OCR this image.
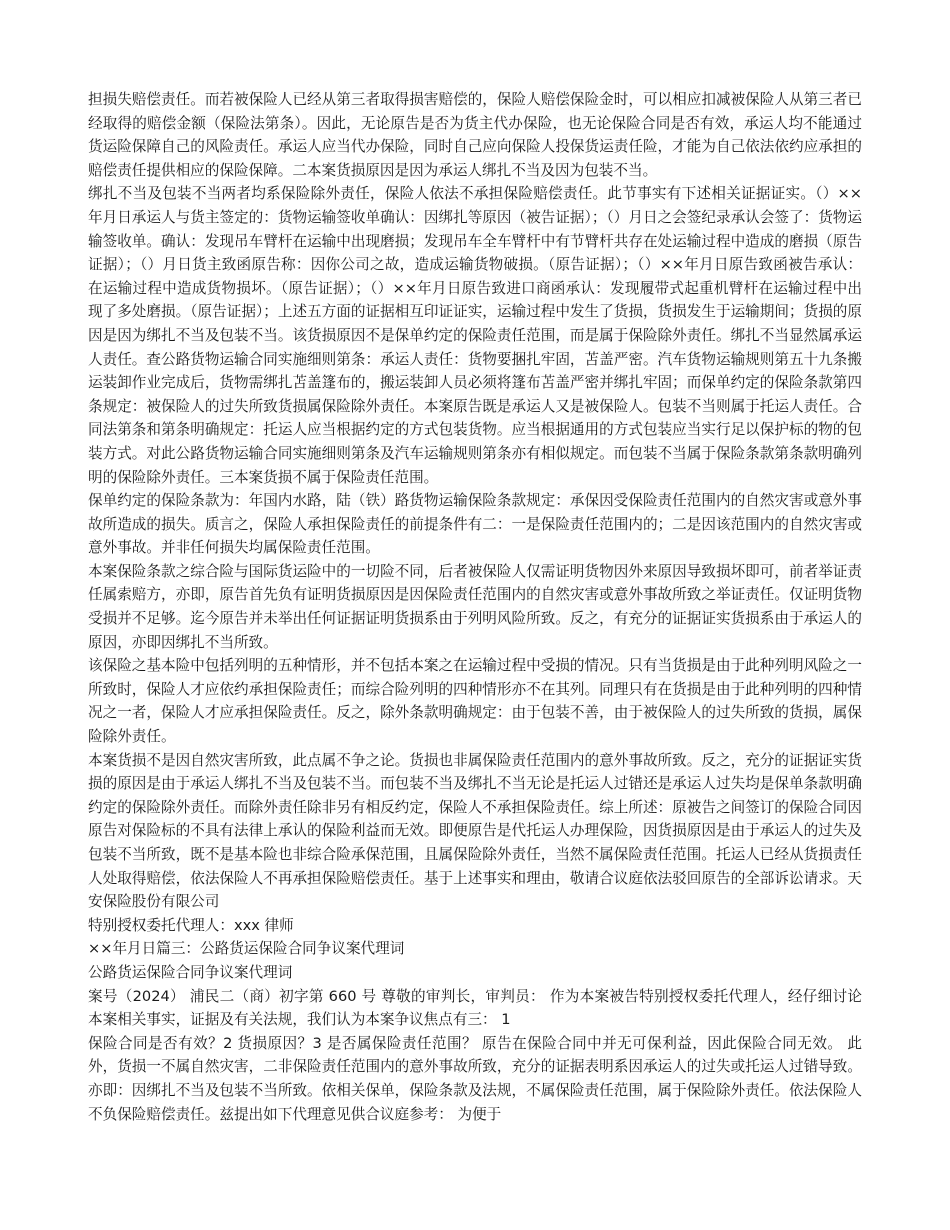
担损失赔偿责任。而若被保险人已经从第三者取得损害赔偿的，保险人赔偿保险金时，可以相应扣减被保险人从第三者已经取得的赔偿金额（保险法第条）。因此，无论原告是否为货主代办保险，也无论保险合同是否有效，承运人均不能通过货运险保障自己的风险责任。承运人应当代办保险，同时自己应向保险人投保货运责任险，才能为自己依法依约应承担的赔偿责任提供相应的保险保障。二本案货损原因是因为承运人绑扎不当及因为包装不当。

绑扎不当及包装不当两者均系保险除外责任，保险人依法不承担保险赔偿责任。此节事实有下述相关证据证实。（）××年月日承运人与货主签定的：货物运输签收单确认：因绑扎等原因（被告证据）；（）月日之会签纪录承认会签了：货物运输签收单。确认：发现吊车臂杆在运输中出现磨损；发现吊车全车臂杆中有节臂杆共存在处运输过程中造成的磨损（原告证据）；（）月日货主致函原告称：因你公司之故，造成运输货物破损。（原告证据）；（）××年月日原告致函被告承认：在运输过程中造成货物损坏。（原告证据）；（）××年月日原告致进口商函承认：发现履带式起重机臂杆在运输过程中出现了多处磨损。（原告证据）；上述五方面的证据相互印证证实，运输过程中发生了货损，货损发生于运输期间；货损的原因是因为绑扎不当及包装不当。该货损原因不是保单约定的保险责任范围，而是属于保险除外责任。绑扎不当显然属承运人责任。查公路货物运输合同实施细则第条：承运人责任：货物要捆扎牢固，苫盖严密。汽车货物运输规则第五十九条搬运装卸作业完成后，货物需绑扎苫盖篷布的，搬运装卸人员必须将篷布苫盖严密并绑扎牢固；而保单约定的保险条款第四条规定：被保险人的过失所致货损属保险除外责任。本案原告既是承运人又是被保险人。包装不当则属于托运人责任。合同法第条和第条明确规定：托运人应当根据约定的方式包装货物。应当根据通用的方式包装应当实行足以保护标的物的包装方式。对此公路货物运输合同实施细则第条及汽车运输规则第条亦有相似规定。而包装不当属于保险条款第条款明确列明的保险除外责任。三本案货损不属于保险责任范围。

保单约定的保险条款为：年国内水路，陆（铁）路货物运输保险条款规定：承保因受保险责任范围内的自然灾害或意外事故所造成的损失。质言之，保险人承担保险责任的前提条件有二：一是保险责任范围内的；二是因该范围内的自然灾害或意外事故。并非任何损失均属保险责任范围。

本案保险条款之综合险与国际货运险中的一切险不同，后者被保险人仅需证明货物因外来原因导致损坏即可，前者举证责任属索赔方，亦即，原告首先负有证明货损原因是因保险责任范围内的自然灾害或意外事故所致之举证责任。仅证明货物受损并不足够。迄今原告并未举出任何证据证明货损系由于列明风险所致。反之，有充分的证据证实货损系由于承运人的原因，亦即因绑扎不当所致。

该保险之基本险中包括列明的五种情形，并不包括本案之在运输过程中受损的情况。只有当货损是由于此种列明风险之一所致时，保险人才应依约承担保险责任；而综合险列明的四种情形亦不在其列。同理只有在货损是由于此种列明的四种情况之一者，保险人才应承担保险责任。反之，除外条款明确规定：由于包装不善，由于被保险人的过失所致的货损，属保险除外责任。

本案货损不是因自然灾害所致，此点属不争之论。货损也非属保险责任范围内的意外事故所致。反之，充分的证据证实货损的原因是由于承运人绑扎不当及包装不当。而包装不当及绑扎不当无论是托运人过错还是承运人过失均是保单条款明确约定的保险除外责任。而除外责任除非另有相反约定，保险人不承担保险责任。综上所述：原被告之间签订的保险合同因原告对保险标的不具有法律上承认的保险利益而无效。即便原告是代托运人办理保险，因货损原因是由于承运人的过失及包装不当所致，既不是基本险也非综合险承保范围，且属保险除外责任，当然不属保险责任范围。托运人已经从货损责任人处取得赔偿，依法保险人不再承担保险赔偿责任。基于上述事实和理由，敬请合议庭依法驳回原告的全部诉讼请求。天安保险股份有限公司

特别授权委托代理人：xxx 律师

××年月日篇三：公路货运保险合同争议案代理词

公路货运保险合同争议案代理词

案号（2024） 浦民二（商）初字第 660 号 尊敬的审判长，审判员： 作为本案被告特别授权委托代理人，经仔细讨论本案相关事实，证据及有关法规，我们认为本案争议焦点有三： 1

保险合同是否有效？2 货损原因？3 是否属保险责任范围？ 原告在保险合同中并无可保利益，因此保险合同无效。 此外，货损一不属自然灾害，二非保险责任范围内的意外事故所致，充分的证据表明系因承运人的过失或托运人过错导致。亦即：因绑扎不当及包装不当所致。依相关保单，保险条款及法规，不属保险责任范围，属于保险除外责任。依法保险人不负保险赔偿责任。兹提出如下代理意见供合议庭参考： 为便于
